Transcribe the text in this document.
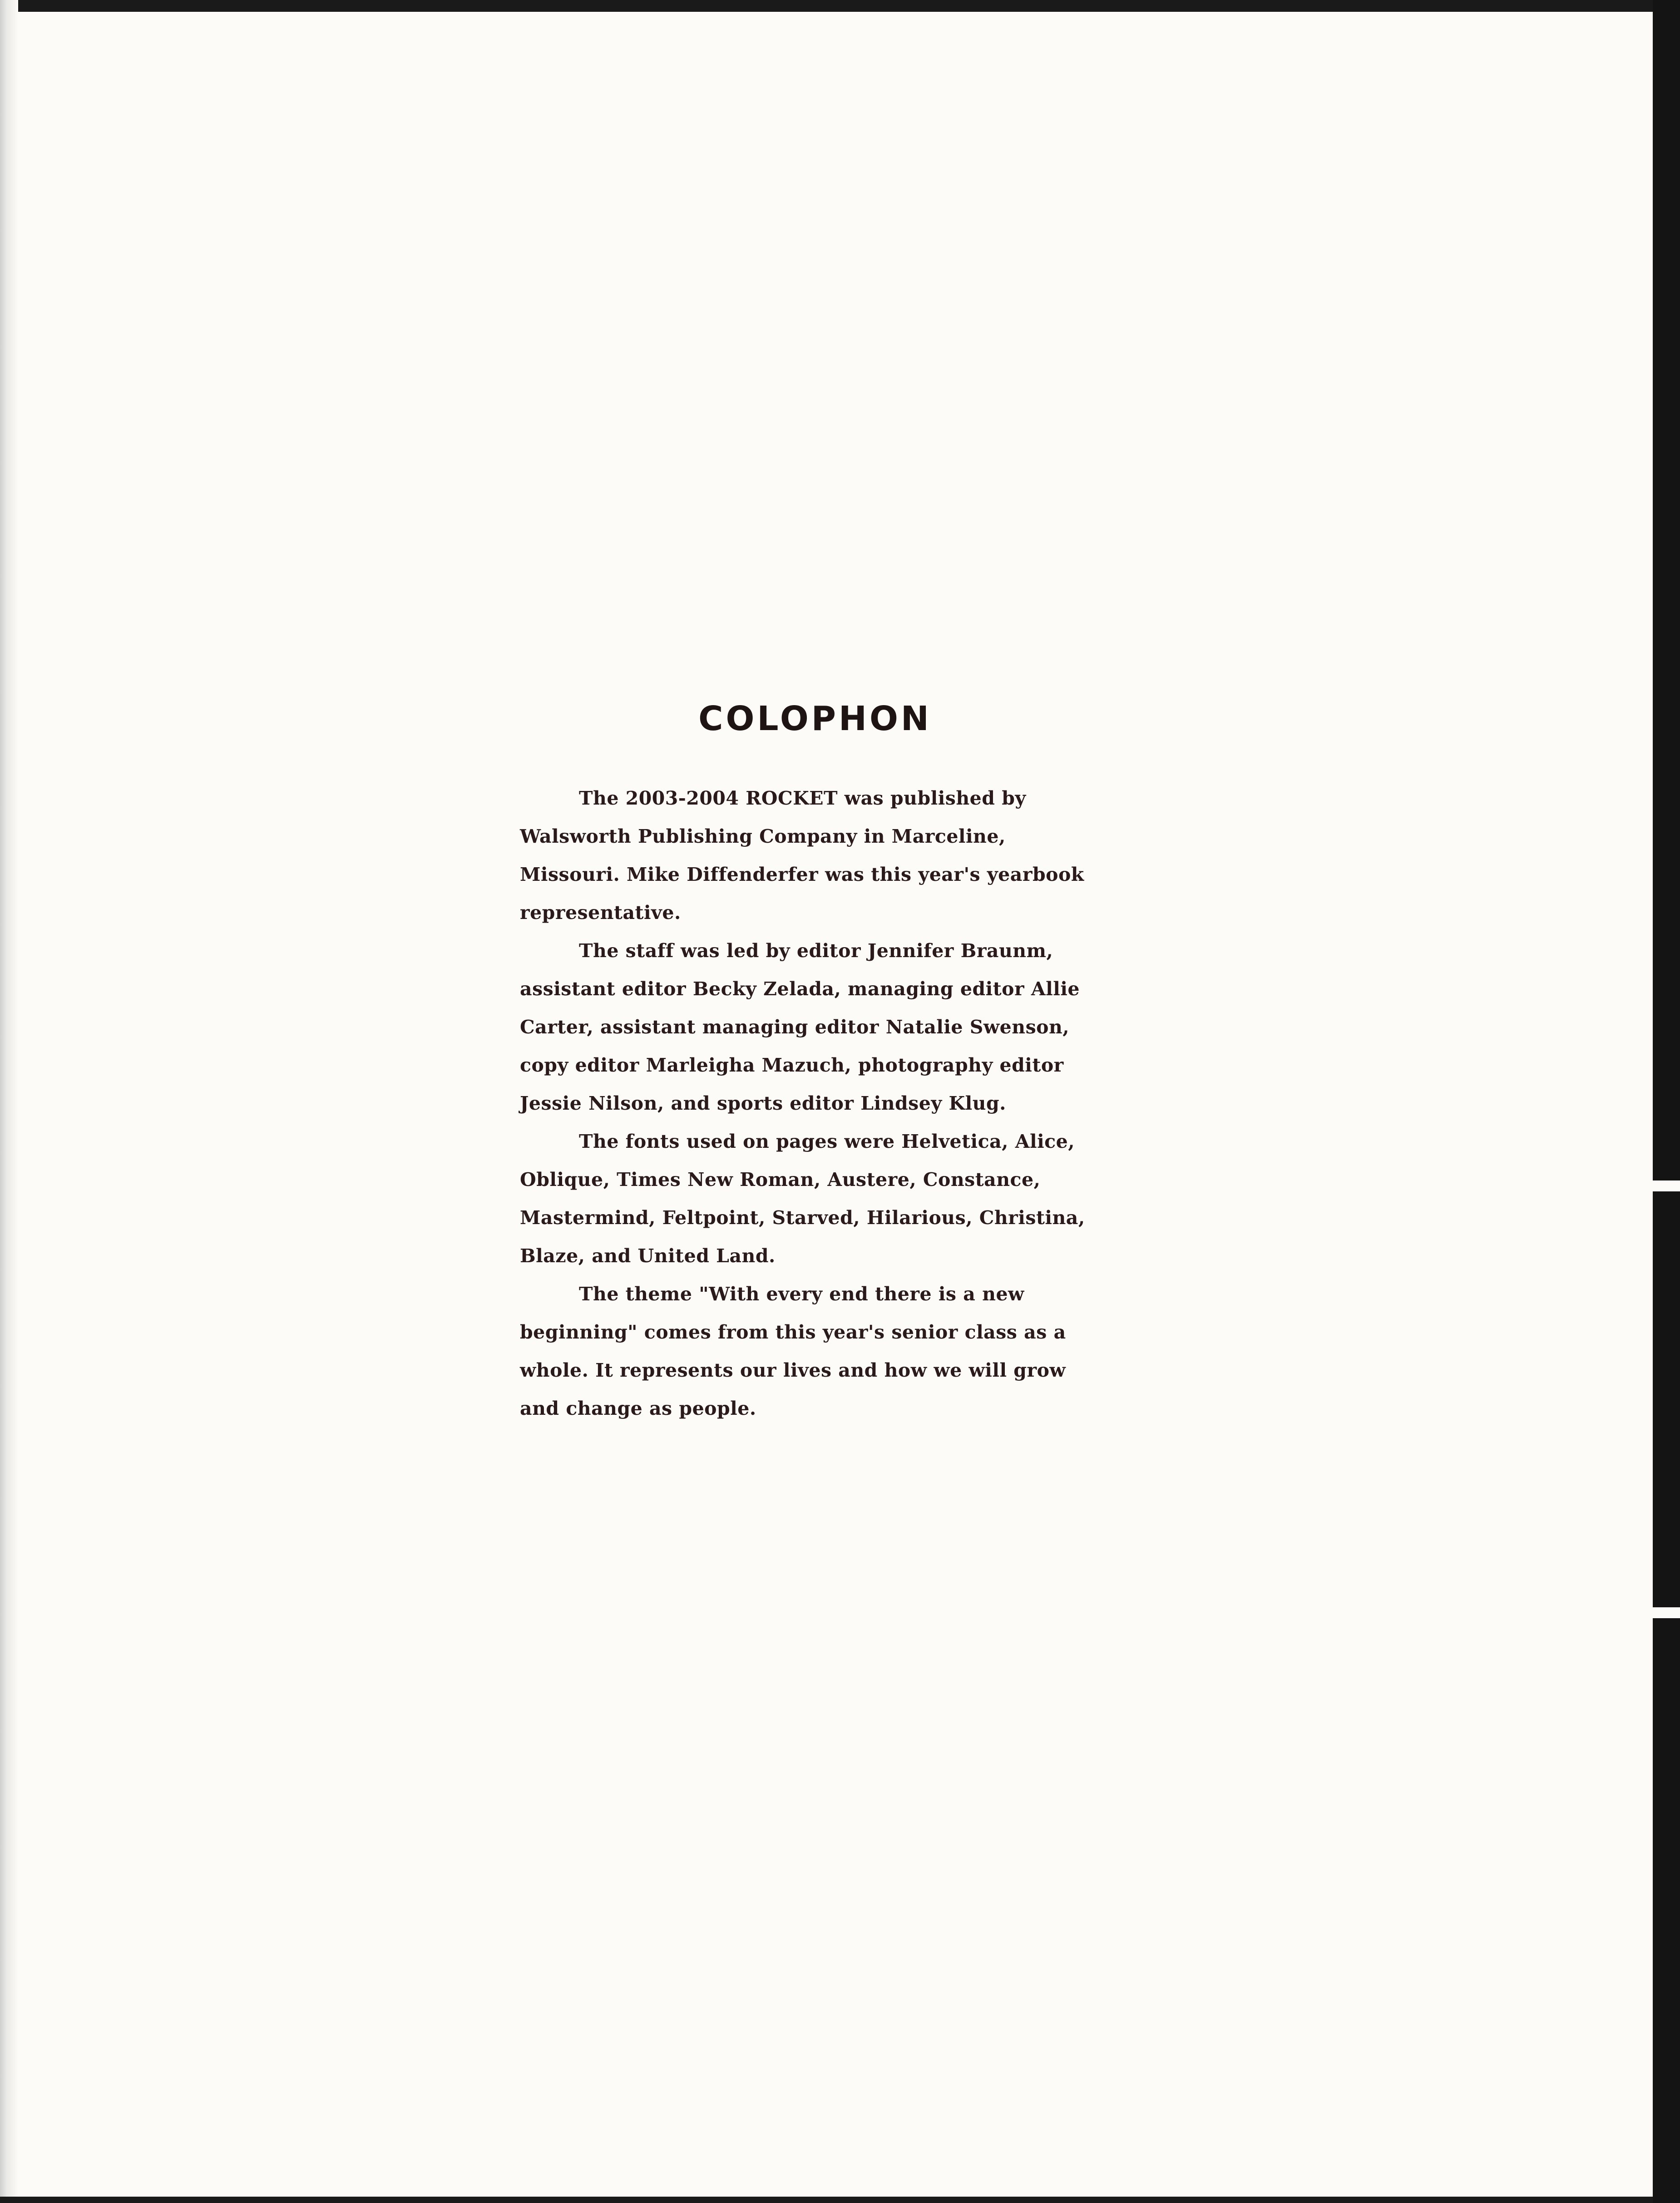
COLOPHON

The 2003-2004 ROCKET was published by Walsworth Publishing Company in Marceline, Missouri. Mike Diffenderfer was this year's yearbook representative.

The staff was led by editor Jennifer Braunm, assistant editor Becky Zelada, managing editor Allie Carter, assistant managing editor Natalie Swenson, copy editor Marleigha Mazuch, photography editor Jessie Nilson, and sports editor Lindsey Klug.

The fonts used on pages were Helvetica, Alice, Oblique, Times New Roman, Austere, Constance, Mastermind, Feltpoint, Starved, Hilarious, Christina, Blaze, and United Land.

The theme "With every end there is a new beginning" comes from this year's senior class as a whole. It represents our lives and how we will grow and change as people.
